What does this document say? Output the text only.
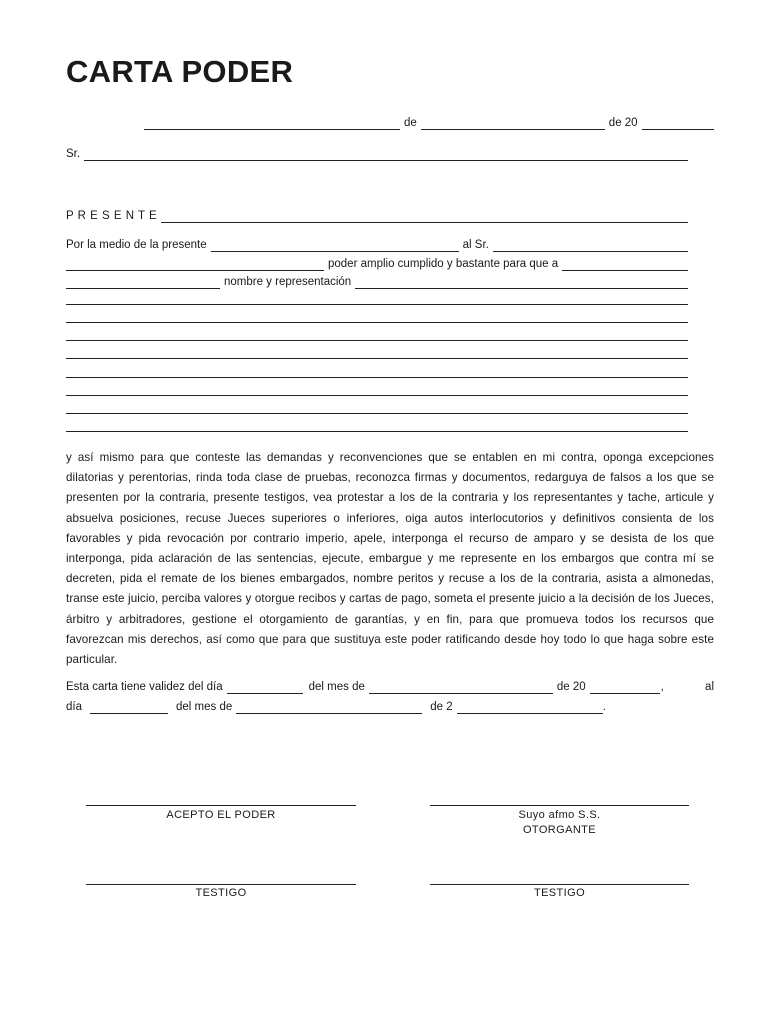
CARTA PODER
de	de 20
Sr.
P R E S E N T E
Por la medio de la presente	al Sr.
poder amplio cumplido y bastante para que a
nombre y representación

y así mismo para que conteste las demandas y reconvenciones que se entablen en mi contra, oponga excepciones dilatorias y perentorias, rinda toda clase de pruebas, reconozca firmas y documentos, redarguya de falsos a los que se presenten por la contraria, presente testigos, vea protestar a los de la contraria y los representantes y tache, articule y absuelva posiciones, recuse Jueces superiores o inferiores, oiga autos interlocutorios y definitivos consienta de los favorables y pida revocación por contrario imperio, apele, interponga el recurso de amparo y se desista de los que interponga, pida aclaración de las sentencias, ejecute, embargue y me represente en los embargos que contra mí se decreten, pida el remate de los bienes embargados, nombre peritos y recuse a los de la contraria, asista a almonedas, transe este juicio, perciba valores y otorgue recibos y cartas de pago, someta el presente juicio a la decisión de los Jueces, árbitro y arbitradores, gestione el otorgamiento de garantías, y en fin, para que promueva todos los recursos que favorezcan mis derechos, así como que para que sustituya este poder ratificando desde hoy todo lo que haga sobre este particular.

Esta carta tiene validez del día	del mes de	de 20	,	al
día	del mes de	de 2	.
ACEPTO EL PODER	Suyo afmo S.S.
OTORGANTE
TESTIGO	TESTIGO
